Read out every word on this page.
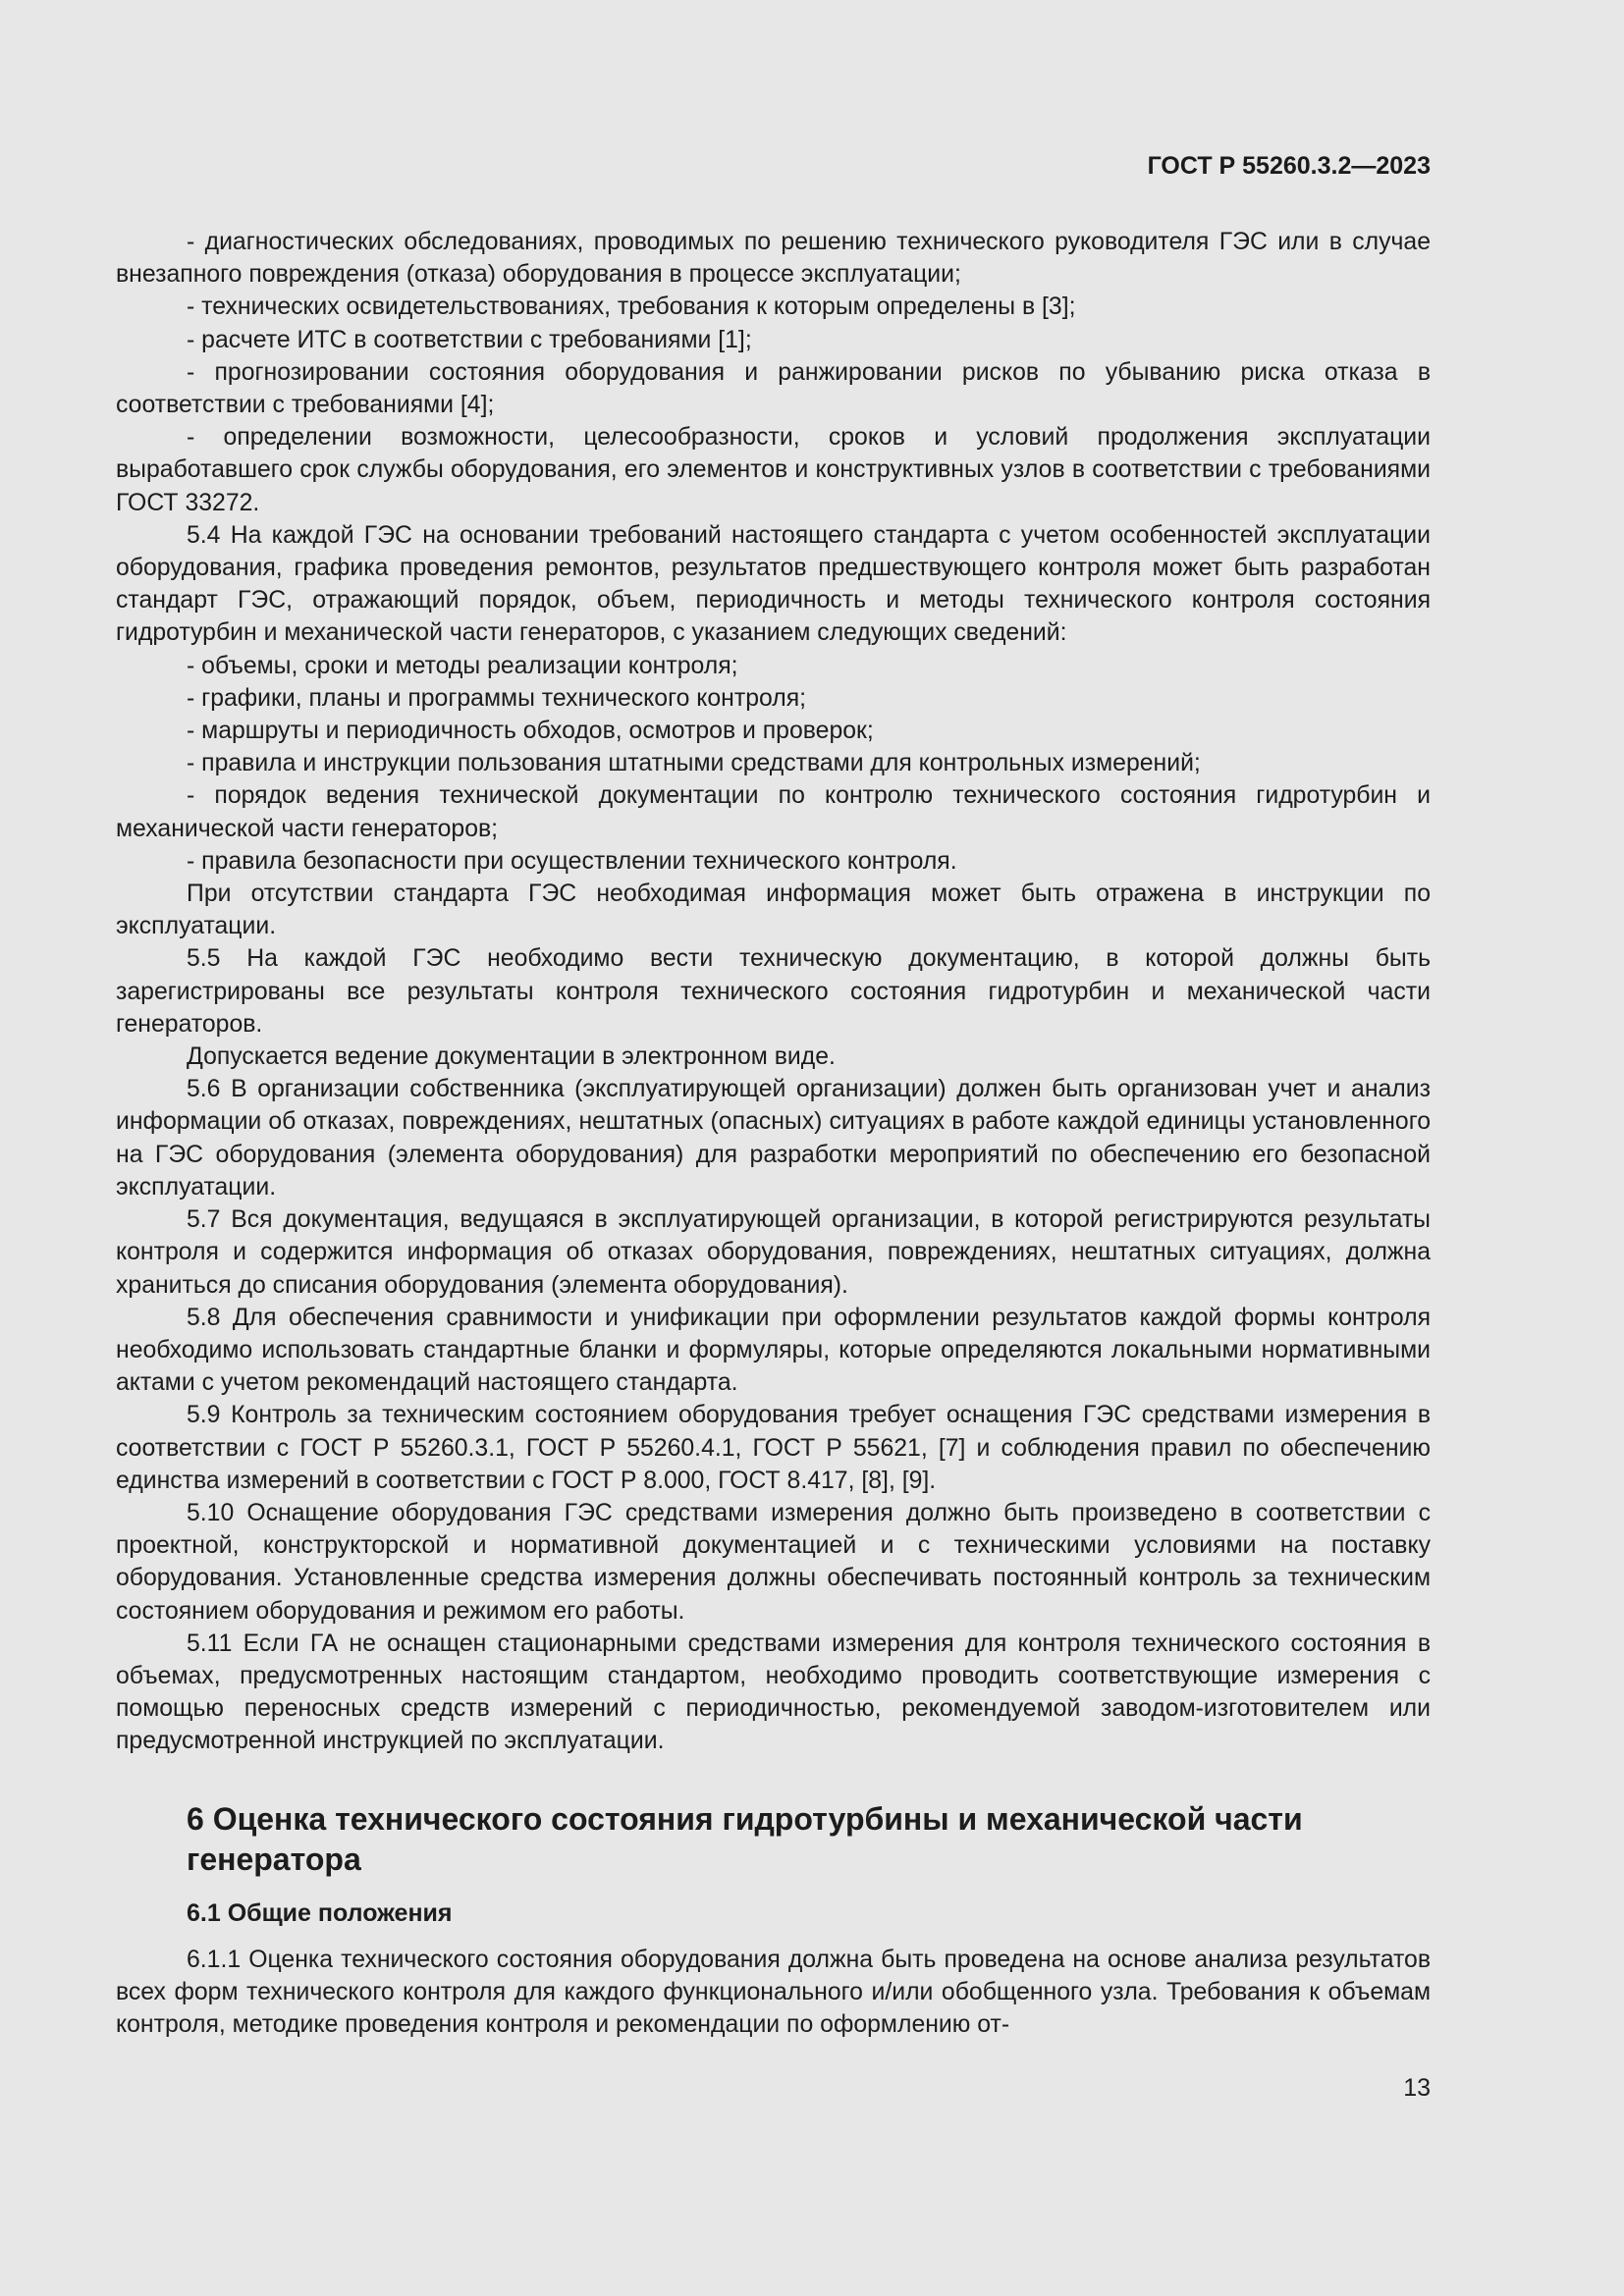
ГОСТ Р 55260.3.2—2023

- диагностических обследованиях, проводимых по решению технического руководителя ГЭС или в случае внезапного повреждения (отказа) оборудования в процессе эксплуатации;

- технических освидетельствованиях, требования к которым определены в [3];

- расчете ИТС в соответствии с требованиями [1];

- прогнозировании состояния оборудования и ранжировании рисков по убыванию риска отказа в соответствии с требованиями [4];

- определении возможности, целесообразности, сроков и условий продолжения эксплуатации выработавшего срок службы оборудования, его элементов и конструктивных узлов в соответствии с требованиями ГОСТ 33272.

5.4 На каждой ГЭС на основании требований настоящего стандарта с учетом особенностей эксплуатации оборудования, графика проведения ремонтов, результатов предшествующего контроля может быть разработан стандарт ГЭС, отражающий порядок, объем, периодичность и методы технического контроля состояния гидротурбин и механической части генераторов, с указанием следующих сведений:

- объемы, сроки и методы реализации контроля;

- графики, планы и программы технического контроля;

- маршруты и периодичность обходов, осмотров и проверок;

- правила и инструкции пользования штатными средствами для контрольных измерений;

- порядок ведения технической документации по контролю технического состояния гидротурбин и механической части генераторов;

- правила безопасности при осуществлении технического контроля.

При отсутствии стандарта ГЭС необходимая информация может быть отражена в инструкции по эксплуатации.

5.5 На каждой ГЭС необходимо вести техническую документацию, в которой должны быть зарегистрированы все результаты контроля технического состояния гидротурбин и механической части генераторов.

Допускается ведение документации в электронном виде.

5.6 В организации собственника (эксплуатирующей организации) должен быть организован учет и анализ информации об отказах, повреждениях, нештатных (опасных) ситуациях в работе каждой единицы установленного на ГЭС оборудования (элемента оборудования) для разработки мероприятий по обеспечению его безопасной эксплуатации.

5.7 Вся документация, ведущаяся в эксплуатирующей организации, в которой регистрируются результаты контроля и содержится информация об отказах оборудования, повреждениях, нештатных ситуациях, должна храниться до списания оборудования (элемента оборудования).

5.8 Для обеспечения сравнимости и унификации при оформлении результатов каждой формы контроля необходимо использовать стандартные бланки и формуляры, которые определяются локальными нормативными актами с учетом рекомендаций настоящего стандарта.

5.9 Контроль за техническим состоянием оборудования требует оснащения ГЭС средствами измерения в соответствии с ГОСТ Р 55260.3.1, ГОСТ Р 55260.4.1, ГОСТ Р 55621, [7] и соблюдения правил по обеспечению единства измерений в соответствии с ГОСТ Р 8.000, ГОСТ 8.417, [8], [9].

5.10 Оснащение оборудования ГЭС средствами измерения должно быть произведено в соответствии с проектной, конструкторской и нормативной документацией и с техническими условиями на поставку оборудования. Установленные средства измерения должны обеспечивать постоянный контроль за техническим состоянием оборудования и режимом его работы.

5.11 Если ГА не оснащен стационарными средствами измерения для контроля технического состояния в объемах, предусмотренных настоящим стандартом, необходимо проводить соответствующие измерения с помощью переносных средств измерений с периодичностью, рекомендуемой заводом-изготовителем или предусмотренной инструкцией по эксплуатации.

6 Оценка технического состояния гидротурбины и механической части генератора

6.1 Общие положения

6.1.1 Оценка технического состояния оборудования должна быть проведена на основе анализа результатов всех форм технического контроля для каждого функционального и/или обобщенного узла. Требования к объемам контроля, методике проведения контроля и рекомендации по оформлению от-

13
